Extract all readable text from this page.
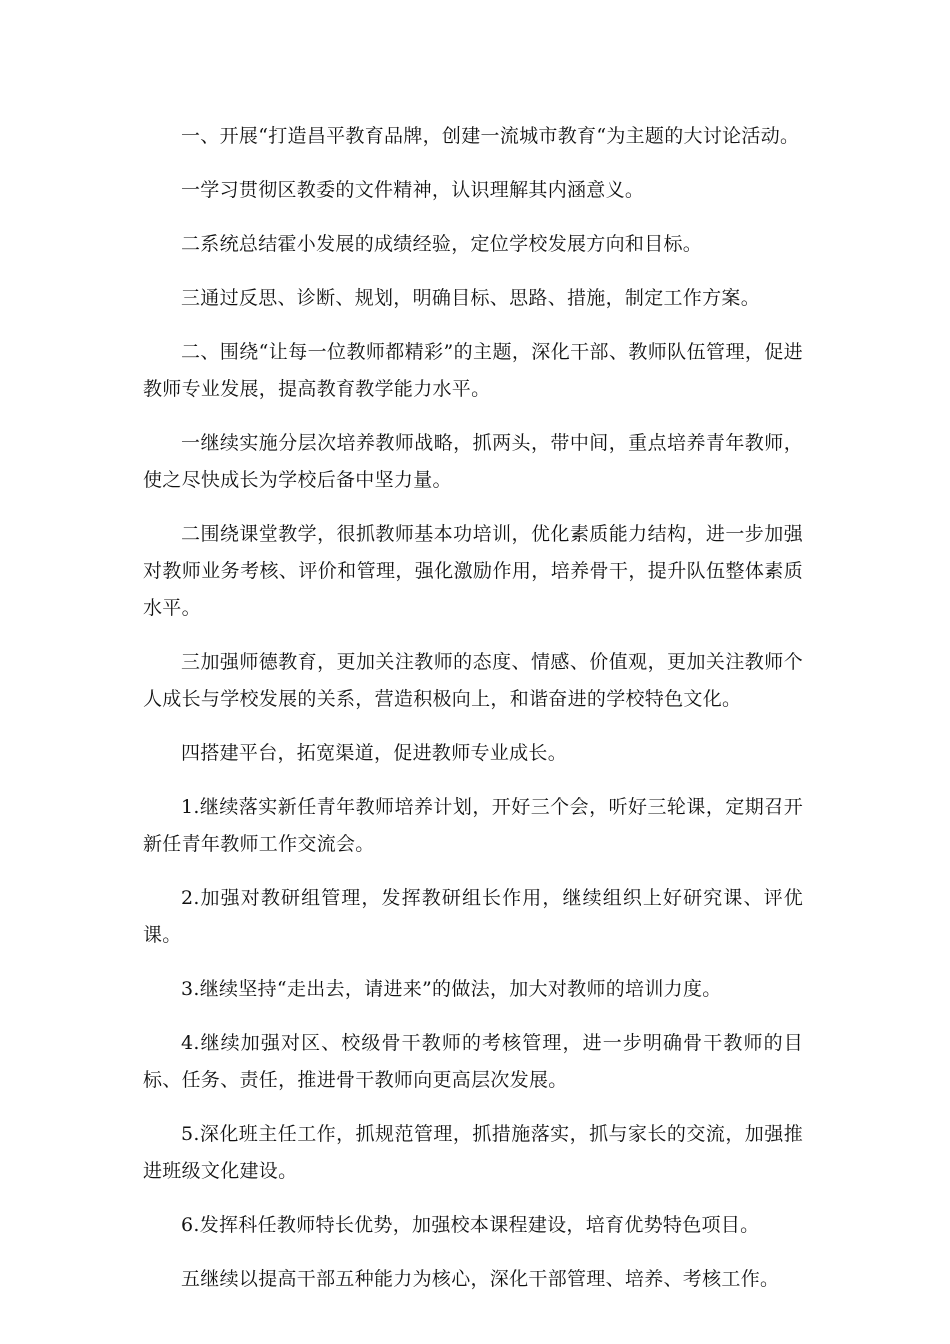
一、开展“打造昌平教育品牌，创建一流城市教育“为主题的大讨论活动。

一学习贯彻区教委的文件精神，认识理解其内涵意义。

二系统总结霍小发展的成绩经验，定位学校发展方向和目标。

三通过反思、诊断、规划，明确目标、思路、措施，制定工作方案。

二、围绕“让每一位教师都精彩”的主题，深化干部、教师队伍管理，促进教师专业发展，提高教育教学能力水平。

一继续实施分层次培养教师战略，抓两头，带中间，重点培养青年教师，使之尽快成长为学校后备中坚力量。

二围绕课堂教学，很抓教师基本功培训，优化素质能力结构，进一步加强对教师业务考核、评价和管理，强化激励作用，培养骨干，提升队伍整体素质水平。

三加强师德教育，更加关注教师的态度、情感、价值观，更加关注教师个人成长与学校发展的关系，营造积极向上，和谐奋进的学校特色文化。

四搭建平台，拓宽渠道，促进教师专业成长。

1.继续落实新任青年教师培养计划，开好三个会，听好三轮课，定期召开新任青年教师工作交流会。

2.加强对教研组管理，发挥教研组长作用，继续组织上好研究课、评优课。

3.继续坚持“走出去，请进来”的做法，加大对教师的培训力度。

4.继续加强对区、校级骨干教师的考核管理，进一步明确骨干教师的目标、任务、责任，推进骨干教师向更高层次发展。

5.深化班主任工作，抓规范管理，抓措施落实，抓与家长的交流，加强推进班级文化建设。

6.发挥科任教师特长优势，加强校本课程建设，培育优势特色项目。

五继续以提高干部五种能力为核心，深化干部管理、培养、考核工作。
